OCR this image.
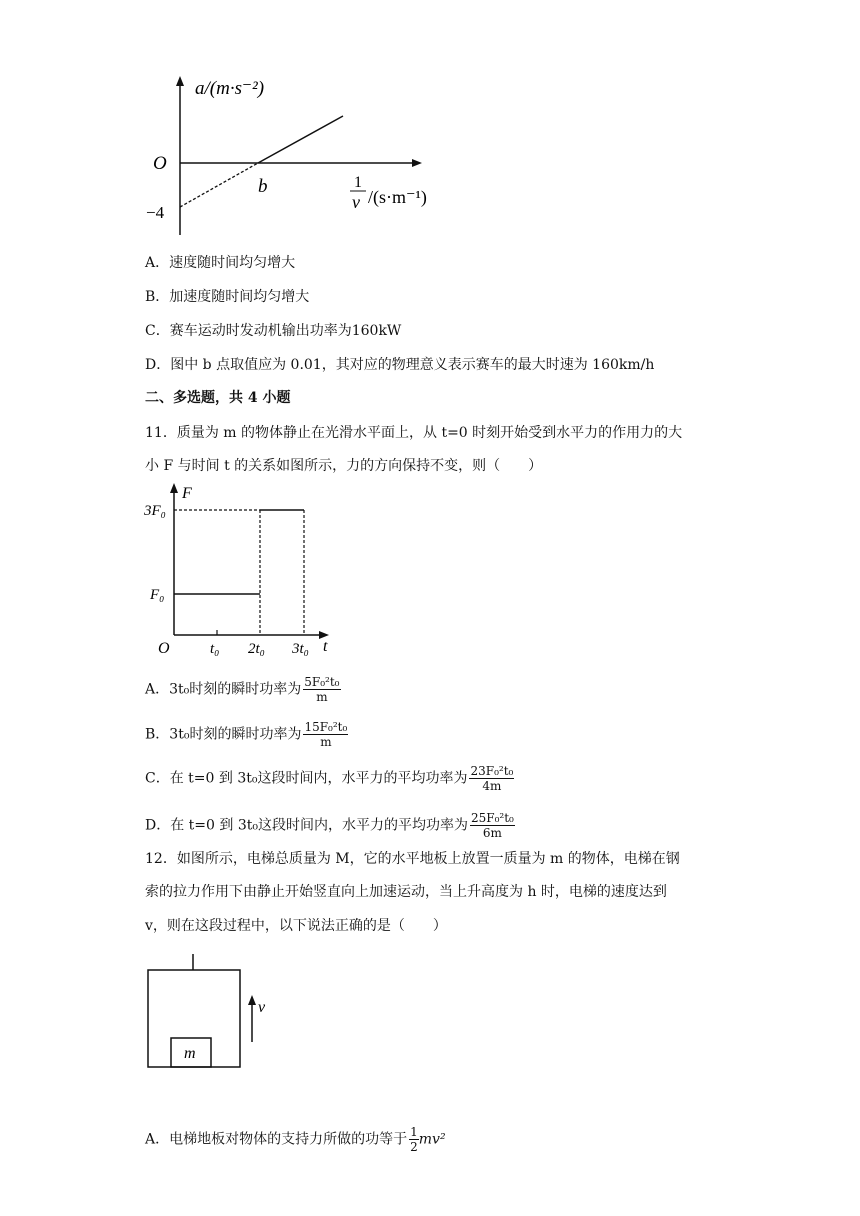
a/(m·s⁻²)
O
b
−4
1
v /(s·m⁻¹)
A．速度随时间均匀增大
B．加速度随时间均匀增大
C．赛车运动时发动机输出功率为160kW
D．图中 b 点取值应为 0.01，其对应的物理意义表示赛车的最大时速为 160km/h
二、多选题，共 4 小题
11．质量为 m 的物体静止在光滑水平面上，从 t=0 时刻开始受到水平力的作用力的大
小 F 与时间 t 的关系如图所示，力的方向保持不变，则（　　）
F
3F₀
F₀
O	t₀ 2t₀ 3t₀ t
A．3t₀时刻的瞬时功率为 $\frac{\text{5F₀²t₀}}{m}$
B．3t₀时刻的瞬时功率为 $\frac{\text{15F₀²t₀}}{m}$
C．在 t=0 到 3t₀这段时间内，水平力的平均功率为 $\frac{\text{23F₀²t₀}}{4m}$
D．在 t=0 到 3t₀这段时间内，水平力的平均功率为 $\frac{\text{25F₀²t₀}}{6m}$
12．如图所示，电梯总质量为 M，它的水平地板上放置一质量为 m 的物体，电梯在钢
索的拉力作用下由静止开始竖直向上加速运动，当上升高度为 h 时，电梯的速度达到
v，则在这段过程中，以下说法正确的是（　　）
m
v
A．电梯地板对物体的支持力所做的功等于 $\frac{1}{2} mv^2$
